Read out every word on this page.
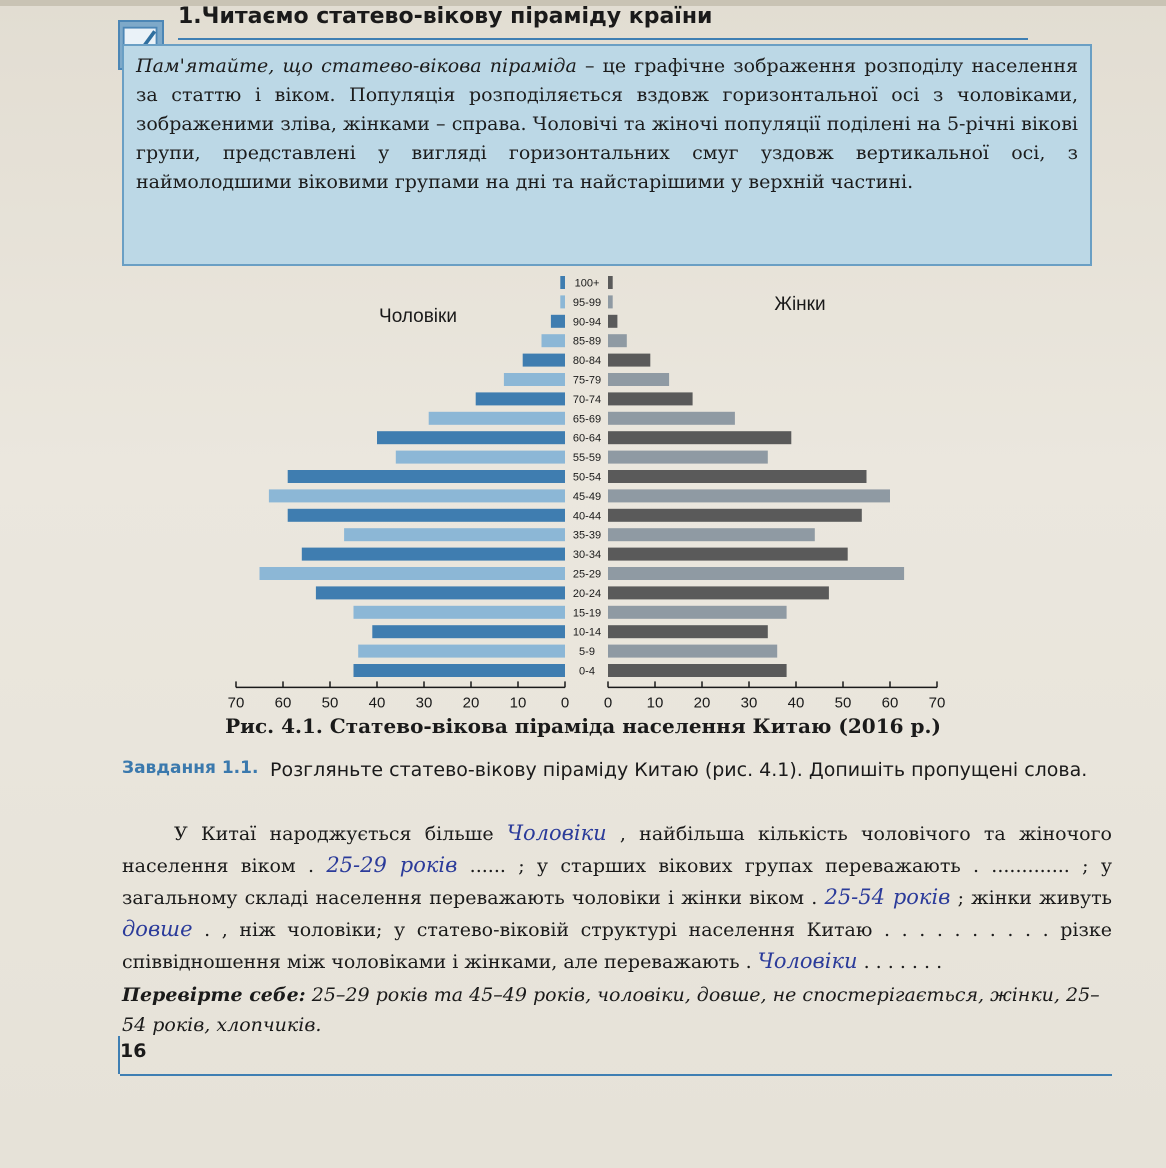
1.Читаємо статево-вікову піраміду країни
Пам'ятайте, що статево-вікова піраміда – це графічне зображення розподілу населення за статтю і віком. Популяція розподіляється вздовж горизонтальної осі з чоловіками, зображеними зліва, жінками – справа. Чоловічі та жіночі популяції поділені на 5-річні вікові групи, представлені у вигляді горизонтальних смуг уздовж вертикальної осі, з наймолодшими віковими групами на дні та найстарішими у верхній частині.
100+
95-99
90-94
85-89
80-84
75-79
70-74
65-69
60-64
55-59
50-54
45-49
40-44
35-39
30-34
25-29
20-24
15-19
10-14
5-9
0-4
Чоловіки
Жінки
70 60 50 40 30 20 10 0 0 10 20 30 40 50 60 70
Рис. 4.1. Статево-вікова піраміда населення Китаю (2016 р.)
Завдання 1.1. Розгляньте статево-вікову піраміду Китаю (рис. 4.1). Допишіть пропущені слова.
У Китаї народжується більше Чоловіки , найбільша кількість чоловічого та жіночого населення віком . 25-29 років ...... ; у старших вікових групах переважають . ............. ; у загальному складі населення переважають чоловіки і жінки віком . 25-54 років ; жінки живуть довше . , ніж чоловіки; у статево-віковій структурі населення Китаю . . . . . . . . . . різке співвідношення між чоловіками і жінками, але переважають . Чоловіки . . . . . . .
Перевірте себе: 25–29 років та 45–49 років, чоловіки, довше, не спостерігається, жінки, 25–54 років, хлопчиків.
16
